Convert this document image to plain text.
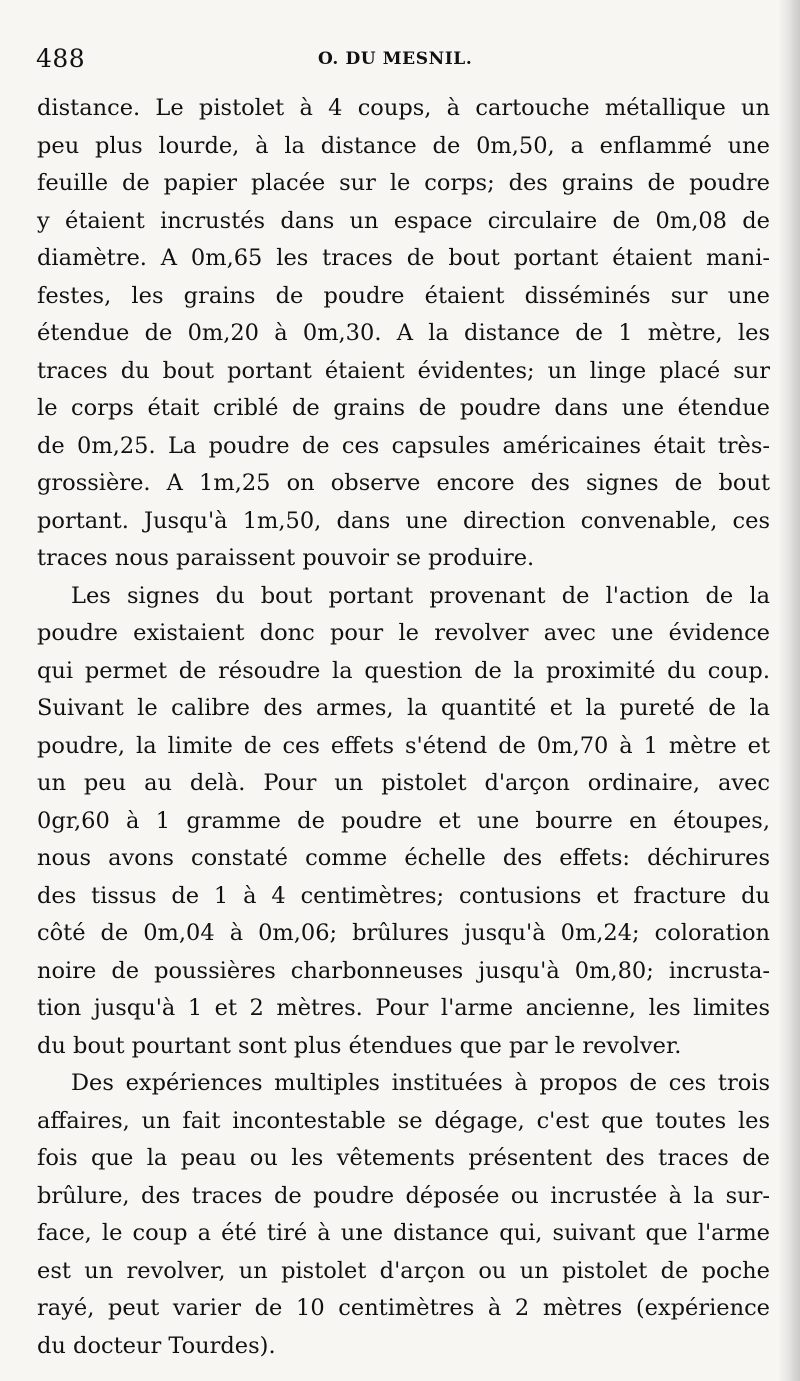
488	O. DU MESNIL.
distance. Le pistolet à 4 coups, à cartouche métallique un
peu plus lourde, à la distance de 0m,50, a enflammé une
feuille de papier placée sur le corps; des grains de poudre
y étaient incrustés dans un espace circulaire de 0m,08 de
diamètre. A 0m,65 les traces de bout portant étaient mani-
festes, les grains de poudre étaient disséminés sur une
étendue de 0m,20 à 0m,30. A la distance de 1 mètre, les
traces du bout portant étaient évidentes; un linge placé sur
le corps était criblé de grains de poudre dans une étendue
de 0m,25. La poudre de ces capsules américaines était très-
grossière. A 1m,25 on observe encore des signes de bout
portant. Jusqu'à 1m,50, dans une direction convenable, ces
traces nous paraissent pouvoir se produire.
Les signes du bout portant provenant de l'action de la
poudre existaient donc pour le revolver avec une évidence
qui permet de résoudre la question de la proximité du coup.
Suivant le calibre des armes, la quantité et la pureté de la
poudre, la limite de ces effets s'étend de 0m,70 à 1 mètre et
un peu au delà. Pour un pistolet d'arçon ordinaire, avec
0gr,60 à 1 gramme de poudre et une bourre en étoupes,
nous avons constaté comme échelle des effets: déchirures
des tissus de 1 à 4 centimètres; contusions et fracture du
côté de 0m,04 à 0m,06; brûlures jusqu'à 0m,24; coloration
noire de poussières charbonneuses jusqu'à 0m,80; incrusta-
tion jusqu'à 1 et 2 mètres. Pour l'arme ancienne, les limites
du bout pourtant sont plus étendues que par le revolver.
Des expériences multiples instituées à propos de ces trois
affaires, un fait incontestable se dégage, c'est que toutes les
fois que la peau ou les vêtements présentent des traces de
brûlure, des traces de poudre déposée ou incrustée à la sur-
face, le coup a été tiré à une distance qui, suivant que l'arme
est un revolver, un pistolet d'arçon ou un pistolet de poche
rayé, peut varier de 10 centimètres à 2 mètres (expérience
du docteur Tourdes).
